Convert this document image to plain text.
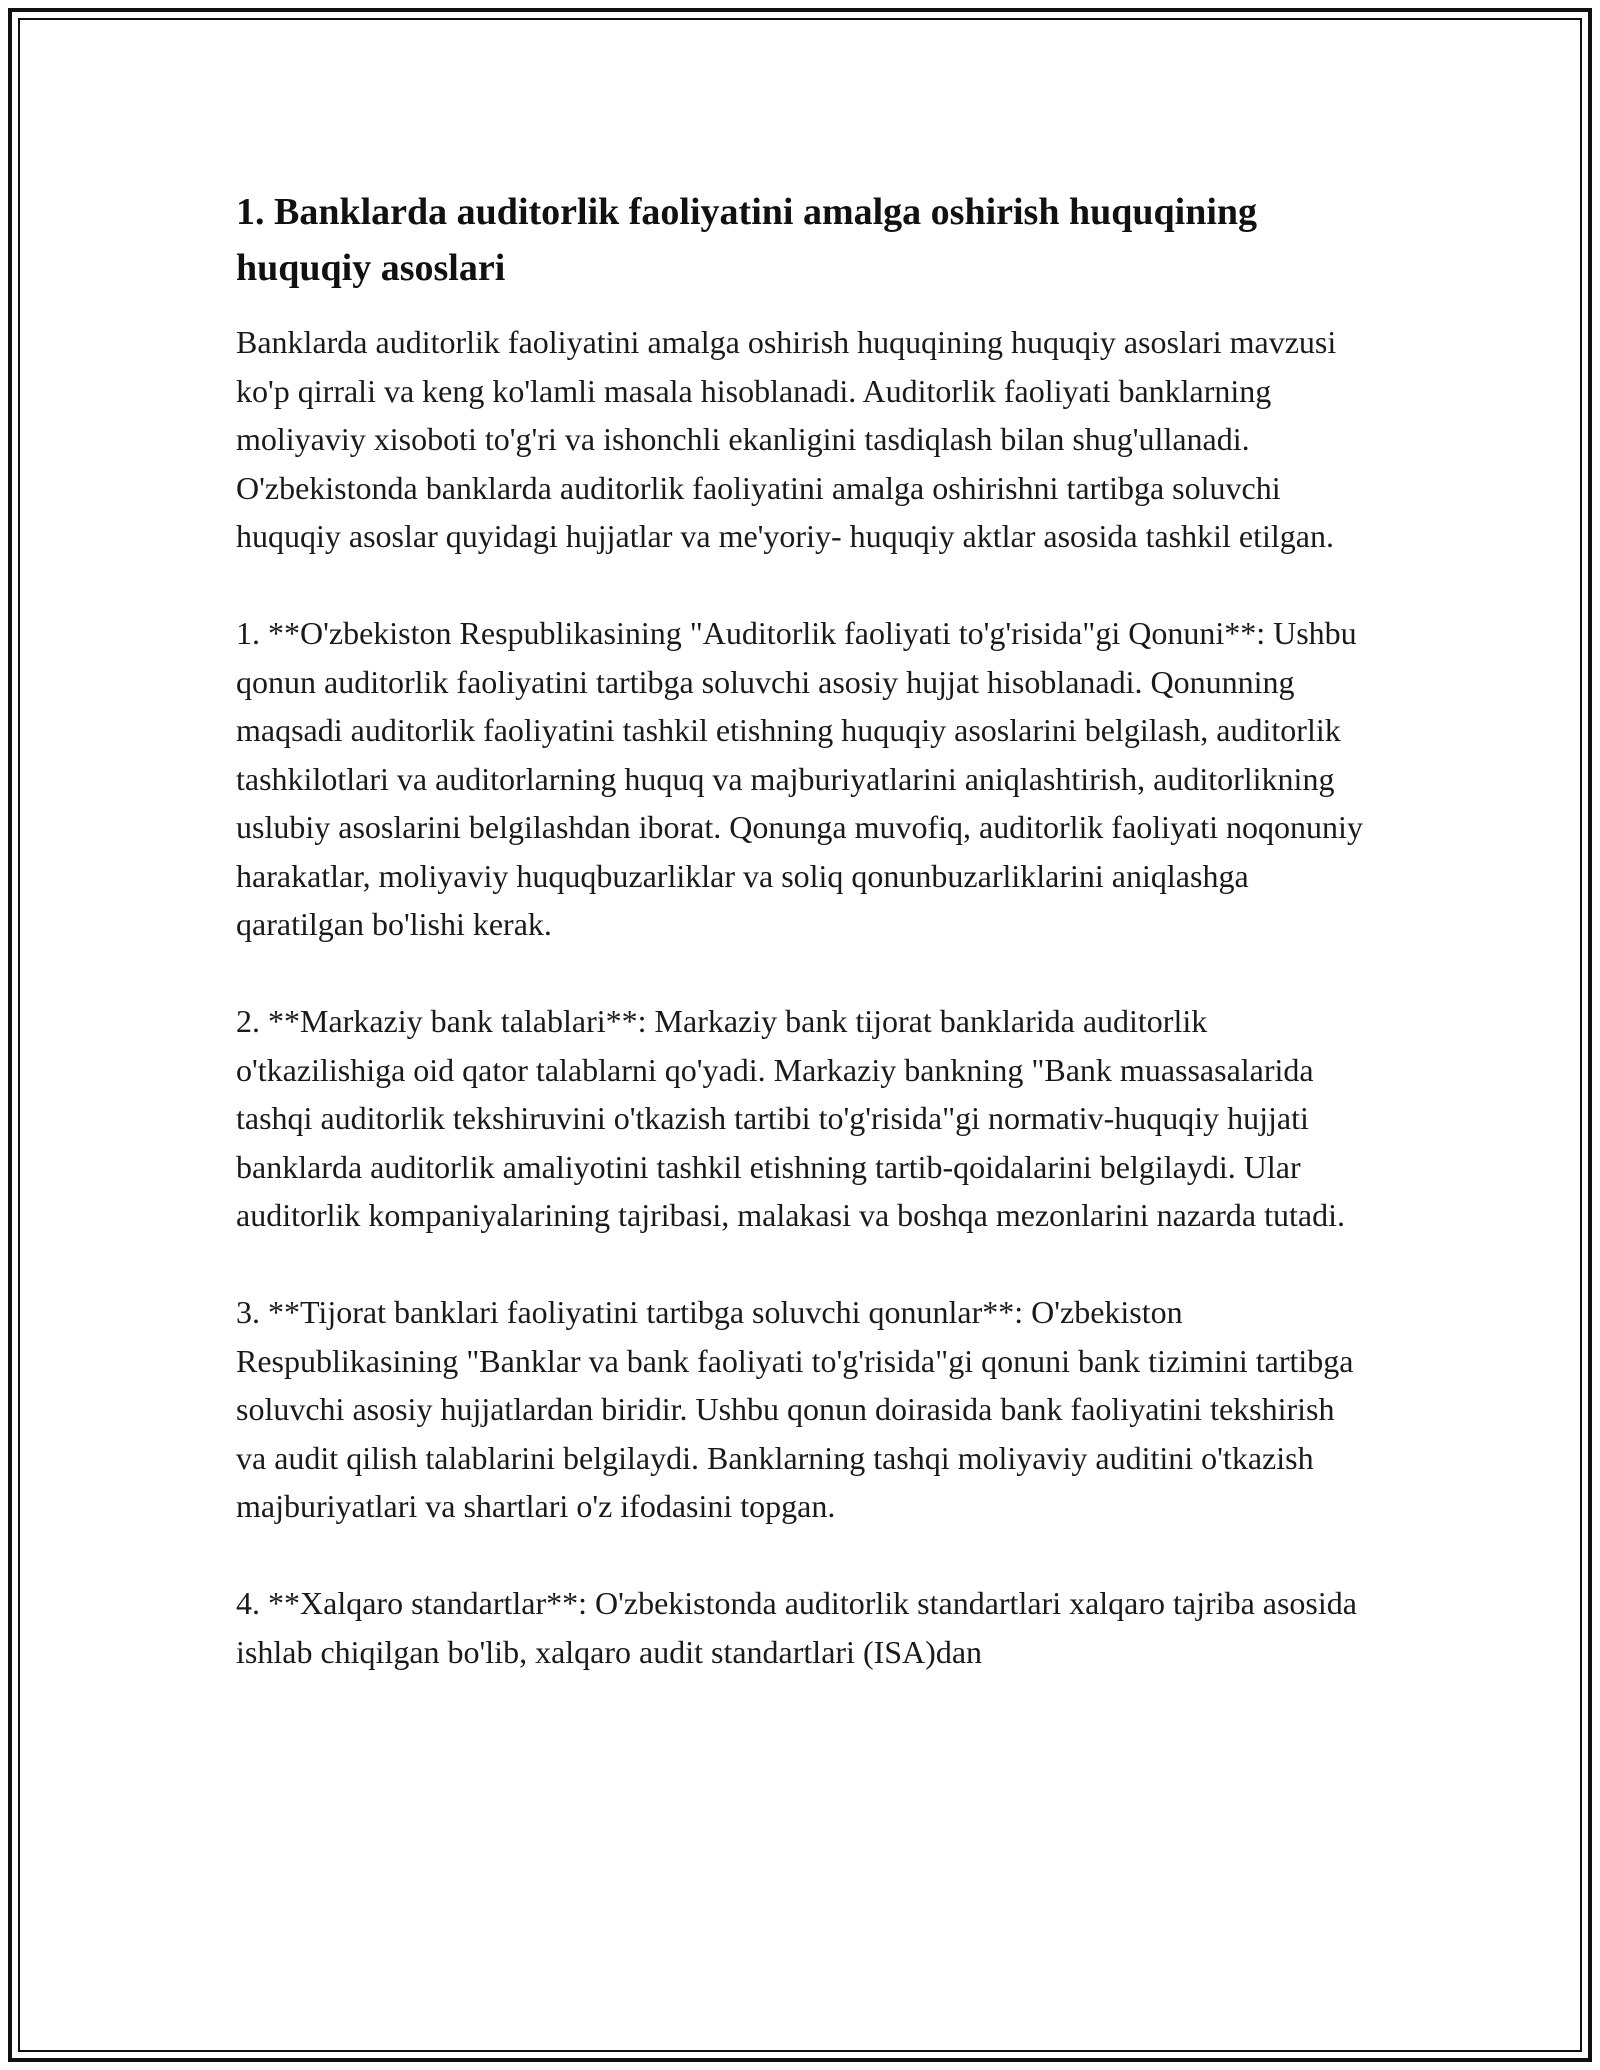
1. Banklarda auditorlik faoliyatini amalga oshirish huquqining huquqiy asoslari

Banklarda auditorlik faoliyatini amalga oshirish huquqining huquqiy asoslari mavzusi ko'p qirrali va keng ko'lamli masala hisoblanadi. Auditorlik faoliyati banklarning moliyaviy xisoboti to'g'ri va ishonchli ekanligini tasdiqlash bilan shug'ullanadi. O'zbekistonda banklarda auditorlik faoliyatini amalga oshirishni tartibga soluvchi huquqiy asoslar quyidagi hujjatlar va me'yoriy- huquqiy aktlar asosida tashkil etilgan.

1. **O'zbekiston Respublikasining "Auditorlik faoliyati to'g'risida"gi Qonuni**: Ushbu qonun auditorlik faoliyatini tartibga soluvchi asosiy hujjat hisoblanadi. Qonunning maqsadi auditorlik faoliyatini tashkil etishning huquqiy asoslarini belgilash, auditorlik tashkilotlari va auditorlarning huquq va majburiyatlarini aniqlashtirish, auditorlikning uslubiy asoslarini belgilashdan iborat. Qonunga muvofiq, auditorlik faoliyati noqonuniy harakatlar, moliyaviy huquqbuzarliklar va soliq qonunbuzarliklarini aniqlashga qaratilgan bo'lishi kerak.

2. **Markaziy bank talablari**: Markaziy bank tijorat banklarida auditorlik o'tkazilishiga oid qator talablarni qo'yadi. Markaziy bankning "Bank muassasalarida tashqi auditorlik tekshiruvini o'tkazish tartibi to'g'risida"gi normativ-huquqiy hujjati banklarda auditorlik amaliyotini tashkil etishning tartib-qoidalarini belgilaydi. Ular auditorlik kompaniyalarining tajribasi, malakasi va boshqa mezonlarini nazarda tutadi.

3. **Tijorat banklari faoliyatini tartibga soluvchi qonunlar**: O'zbekiston Respublikasining "Banklar va bank faoliyati to'g'risida"gi qonuni bank tizimini tartibga soluvchi asosiy hujjatlardan biridir. Ushbu qonun doirasida bank faoliyatini tekshirish va audit qilish talablarini belgilaydi. Banklarning tashqi moliyaviy auditini o'tkazish majburiyatlari va shartlari o'z ifodasini topgan.

4. **Xalqaro standartlar**: O'zbekistonda auditorlik standartlari xalqaro tajriba asosida ishlab chiqilgan bo'lib, xalqaro audit standartlari (ISA)dan
